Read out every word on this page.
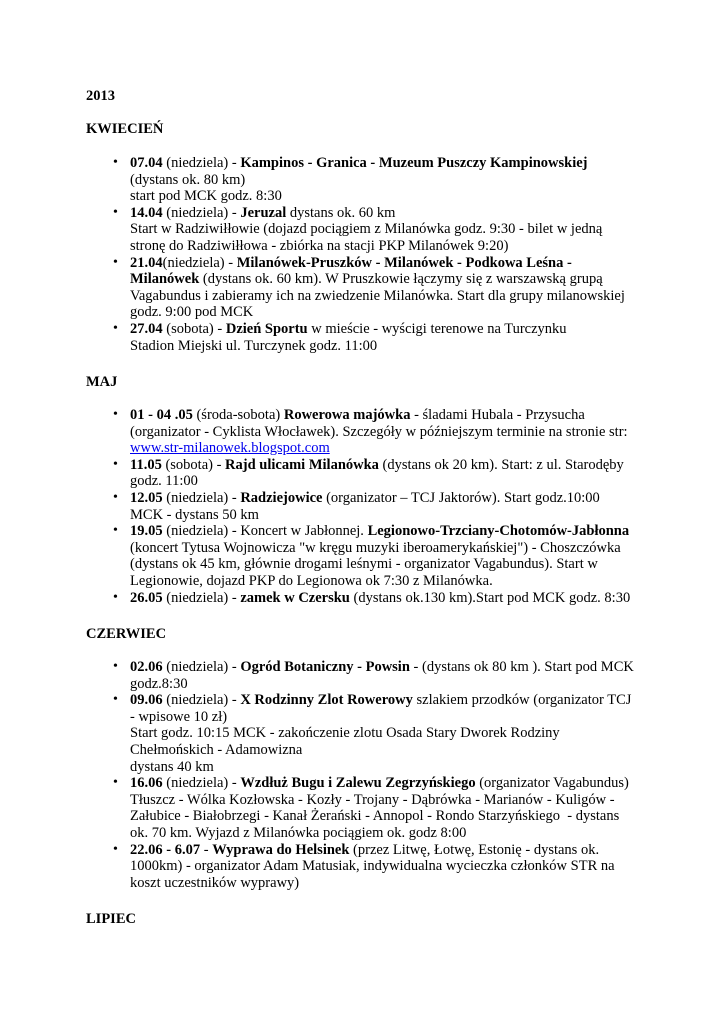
2013
KWIECIEŃ
• 07.04 (niedziela) - Kampinos - Granica - Muzeum Puszczy Kampinowskiej
(dystans ok. 80 km)
start pod MCK godz. 8:30
• 14.04 (niedziela) - Jeruzal dystans ok. 60 km
Start w Radziwiłłowie (dojazd pociągiem z Milanówka godz. 9:30 - bilet w jedną
stronę do Radziwiłłowa - zbiórka na stacji PKP Milanówek 9:20)
• 21.04(niedziela) - Milanówek-Pruszków - Milanówek - Podkowa Leśna -
Milanówek (dystans ok. 60 km). W Pruszkowie łączymy się z warszawską grupą
Vagabundus i zabieramy ich na zwiedzenie Milanówka. Start dla grupy milanowskiej
godz. 9:00 pod MCK
• 27.04 (sobota) - Dzień Sportu w mieście - wyścigi terenowe na Turczynku
Stadion Miejski ul. Turczynek godz. 11:00
MAJ
• 01 - 04 .05 (środa-sobota) Rowerowa majówka - śladami Hubala - Przysucha
(organizator - Cyklista Włocławek). Szczegóły w późniejszym terminie na stronie str:
www.str-milanowek.blogspot.com
• 11.05 (sobota) - Rajd ulicami Milanówka (dystans ok 20 km). Start: z ul. Starodęby
godz. 11:00
• 12.05 (niedziela) - Radziejowice (organizator – TCJ Jaktorów). Start godz.10:00
MCK - dystans 50 km
• 19.05 (niedziela) - Koncert w Jabłonnej. Legionowo-Trzciany-Chotomów-Jabłonna
(koncert Tytusa Wojnowicza "w kręgu muzyki iberoamerykańskiej") - Choszczówka
(dystans ok 45 km, głównie drogami leśnymi - organizator Vagabundus). Start w
Legionowie, dojazd PKP do Legionowa ok 7:30 z Milanówka.
• 26.05 (niedziela) - zamek w Czersku (dystans ok.130 km).Start pod MCK godz. 8:30
CZERWIEC
• 02.06 (niedziela) - Ogród Botaniczny - Powsin - (dystans ok 80 km ). Start pod MCK
godz.8:30
• 09.06 (niedziela) - X Rodzinny Zlot Rowerowy szlakiem przodków (organizator TCJ
- wpisowe 10 zł)
Start godz. 10:15 MCK - zakończenie zlotu Osada Stary Dworek Rodziny
Chełmońskich - Adamowizna
dystans 40 km
• 16.06 (niedziela) - Wzdłuż Bugu i Zalewu Zegrzyńskiego (organizator Vagabundus)
Tłuszcz - Wólka Kozłowska - Kozły - Trojany - Dąbrówka - Marianów - Kuligów -
Załubice - Białobrzegi - Kanał Żerański - Annopol - Rondo Starzyńskiego  - dystans
ok. 70 km. Wyjazd z Milanówka pociągiem ok. godz 8:00
• 22.06 - 6.07 - Wyprawa do Helsinek (przez Litwę, Łotwę, Estonię - dystans ok.
1000km) - organizator Adam Matusiak, indywidualna wycieczka członków STR na
koszt uczestników wyprawy)
LIPIEC
